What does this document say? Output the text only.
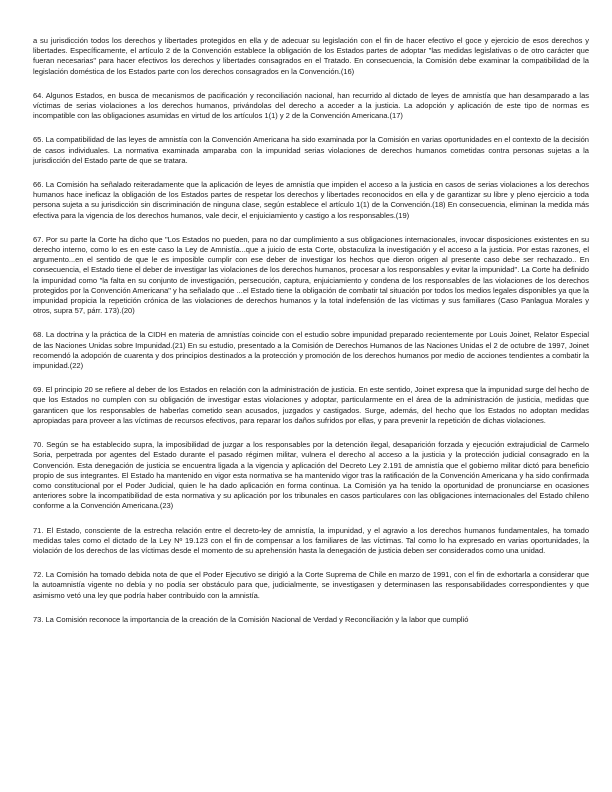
a su jurisdicción todos los derechos y libertades protegidos en ella y de adecuar su legislación con el fin de hacer efectivo el goce y ejercicio de esos derechos y libertades. Específicamente, el artículo 2 de la Convención establece la obligación de los Estados partes de adoptar "las medidas legislativas o de otro carácter que fueran necesarias" para hacer efectivos los derechos y libertades consagrados en el Tratado. En consecuencia, la Comisión debe examinar la compatibilidad de la legislación doméstica de los Estados parte con los derechos consagrados en la Convención.(16)

64. Algunos Estados, en busca de mecanismos de pacificación y reconciliación nacional, han recurrido al dictado de leyes de amnistía que han desamparado a las víctimas de serias violaciones a los derechos humanos, privándolas del derecho a acceder a la justicia. La adopción y aplicación de este tipo de normas es incompatible con las obligaciones asumidas en virtud de los artículos 1(1) y 2 de la Convención Americana.(17)

65. La compatibilidad de las leyes de amnistía con la Convención Americana ha sido examinada por la Comisión en varias oportunidades en el contexto de la decisión de casos individuales. La normativa examinada amparaba con la impunidad serias violaciones de derechos humanos cometidas contra personas sujetas a la jurisdicción del Estado parte de que se tratara.

66. La Comisión ha señalado reiteradamente que la aplicación de leyes de amnistía que impiden el acceso a la justicia en casos de serias violaciones a los derechos humanos hace ineficaz la obligación de los Estados partes de respetar los derechos y libertades reconocidos en ella y de garantizar su libre y pleno ejercicio a toda persona sujeta a su jurisdicción sin discriminación de ninguna clase, según establece el artículo 1(1) de la Convención.(18) En consecuencia, eliminan la medida más efectiva para la vigencia de los derechos humanos, vale decir, el enjuiciamiento y castigo a los responsables.(19)

67. Por su parte la Corte ha dicho que "Los Estados no pueden, para no dar cumplimiento a sus obligaciones internacionales, invocar disposiciones existentes en su derecho interno, como lo es en este caso la Ley de Amnistía...que a juicio de esta Corte, obstaculiza la investigación y el acceso a la justicia. Por estas razones, el argumento...en el sentido de que le es imposible cumplir con ese deber de investigar los hechos que dieron origen al presente caso debe ser rechazado.. En consecuencia, el Estado tiene el deber de investigar las violaciones de los derechos humanos, procesar a los responsables y evitar la impunidad". La Corte ha definido la impunidad como "la falta en su conjunto de investigación, persecución, captura, enjuiciamiento y condena de los responsables de las violaciones de los derechos protegidos por la Convención Americana" y ha señalado que ...el Estado tiene la obligación de combatir tal situación por todos los medios legales disponibles ya que la impunidad propicia la repetición crónica de las violaciones de derechos humanos y la total indefensión de las víctimas y sus familiares (Caso Panlagua Morales y otros, supra 57, párr. 173).(20)

68. La doctrina y la práctica de la CIDH en materia de amnistías coincide con el estudio sobre impunidad preparado recientemente por Louis Joinet, Relator Especial de las Naciones Unidas sobre Impunidad.(21) En su estudio, presentado a la Comisión de Derechos Humanos de las Naciones Unidas el 2 de octubre de 1997, Joinet recomendó la adopción de cuarenta y dos principios destinados a la protección y promoción de los derechos humanos por medio de acciones tendientes a combatir la impunidad.(22)

69. El principio 20 se refiere al deber de los Estados en relación con la administración de justicia. En este sentido, Joinet expresa que la impunidad surge del hecho de que los Estados no cumplen con su obligación de investigar estas violaciones y adoptar, particularmente en el área de la administración de justicia, medidas que garanticen que los responsables de haberlas cometido sean acusados, juzgados y castigados. Surge, además, del hecho que los Estados no adoptan medidas apropiadas para proveer a las víctimas de recursos efectivos, para reparar los daños sufridos por ellas, y para prevenir la repetición de dichas violaciones.

70. Según se ha establecido supra, la imposibilidad de juzgar a los responsables por la detención ilegal, desaparición forzada y ejecución extrajudicial de Carmelo Soria, perpetrada por agentes del Estado durante el pasado régimen militar, vulnera el derecho al acceso a la justicia y la protección judicial consagrado en la Convención. Esta denegación de justicia se encuentra ligada a la vigencia y aplicación del Decreto Ley 2.191 de amnistía que el gobierno militar dictó para beneficio propio de sus integrantes. El Estado ha mantenido en vigor esta normativa se ha mantenido vigor tras la ratificación de la Convención Americana y ha sido confirmada como constitucional por el Poder Judicial, quien le ha dado aplicación en forma continua. La Comisión ya ha tenido la oportunidad de pronunciarse en ocasiones anteriores sobre la incompatibilidad de esta normativa y su aplicación por los tribunales en casos particulares con las obligaciones internacionales del Estado chileno conforme a la Convención Americana.(23)

71. El Estado, consciente de la estrecha relación entre el decreto-ley de amnistía, la impunidad, y el agravio a los derechos humanos fundamentales, ha tomado medidas tales como el dictado de la Ley Nº 19.123 con el fin de compensar a los familiares de las víctimas. Tal como lo ha expresado en varias oportunidades, la violación de los derechos de las víctimas desde el momento de su aprehensión hasta la denegación de justicia deben ser considerados como una unidad.

72. La Comisión ha tomado debida nota de que el Poder Ejecutivo se dirigió a la Corte Suprema de Chile en marzo de 1991, con el fin de exhortarla a considerar que la autoamnistía vigente no debía y no podía ser obstáculo para que, judicialmente, se investigasen y determinasen las responsabilidades correspondientes y que asimismo vetó una ley que podría haber contribuido con la amnistía.

73. La Comisión reconoce la importancia de la creación de la Comisión Nacional de Verdad y Reconciliación y la labor que cumplió
